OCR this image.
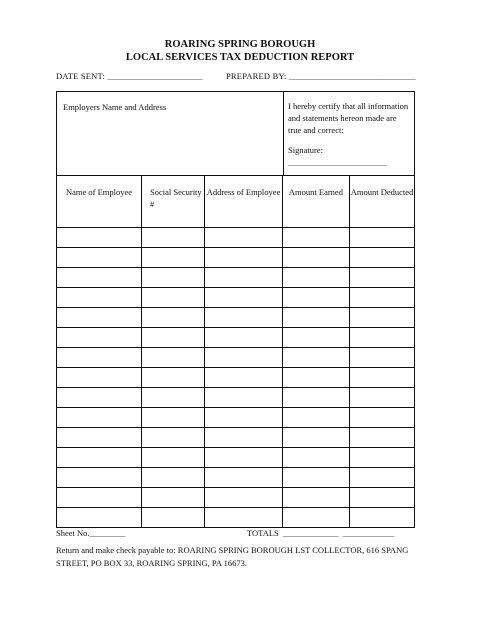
ROARING SPRING BOROUGH
LOCAL SERVICES TAX DEDUCTION REPORT
DATE SENT: ________________________	PREPARED BY: ________________________________
Employers Name and Address	I hereby certify that all information and statements hereon made are true and correct:
Signature:
_________________________
Name of Employee	Social Security #	Address of Employee	Amount Earned	Amount Deducted

Sheet No._________	TOTALS ______________ _____________
Return and make check payable to: ROARING SPRING BOROUGH LST COLLECTOR, 616 SPANG STREET, PO BOX 33, ROARING SPRING, PA 16673.
